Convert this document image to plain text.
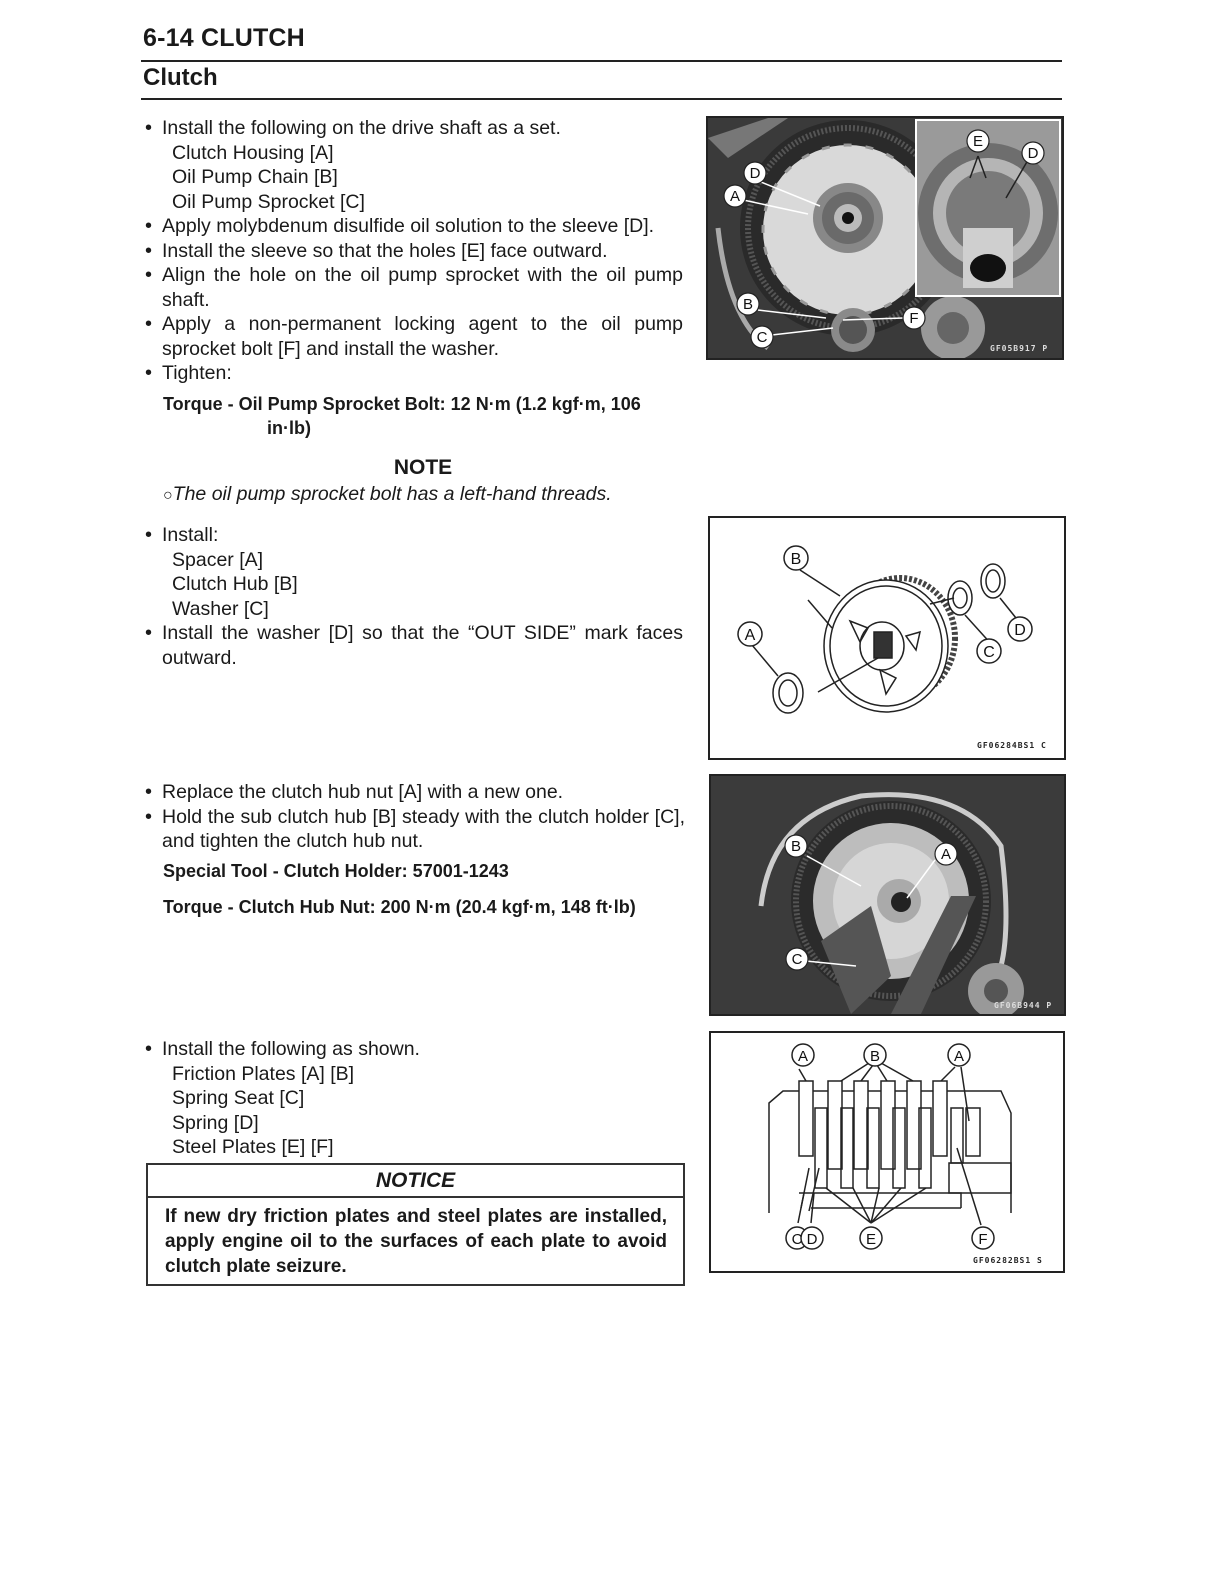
6-14 CLUTCH
Clutch
• Install the following on the drive shaft as a set.
Clutch Housing [A]
Oil Pump Chain [B]
Oil Pump Sprocket [C]
• Apply molybdenum disulfide oil solution to the sleeve [D].
• Install the sleeve so that the holes [E] face outward.
• Align the hole on the oil pump sprocket with the oil pump shaft.
• Apply a non-permanent locking agent to the oil pump sprocket bolt [F] and install the washer.
• Tighten:
Torque - Oil Pump Sprocket Bolt: 12 N·m (1.2 kgf·m, 106
in·lb)
NOTE
○The oil pump sprocket bolt has a left-hand threads.
• Install:
Spacer [A]
Clutch Hub [B]
Washer [C]
• Install the washer [D] so that the “OUT SIDE” mark faces outward.
• Replace the clutch hub nut [A] with a new one.
• Hold the sub clutch hub [B] steady with the clutch holder [C], and tighten the clutch hub nut.
Special Tool - Clutch Holder: 57001-1243
Torque - Clutch Hub Nut: 200 N·m (20.4 kgf·m, 148 ft·lb)
• Install the following as shown.
Friction Plates [A] [B]
Spring Seat [C]
Spring [D]
Steel Plates [E] [F]
NOTICE
If new dry friction plates and steel plates are installed, apply engine oil to the surfaces of each plate to avoid clutch plate seizure.
D
A
B
C
F
E
D
GF05B917 P
B
A
C
D
GF06284BS1 C
B	A
C
GF06B944 P
A	B	A
C D	E	F
GF06282BS1 S
